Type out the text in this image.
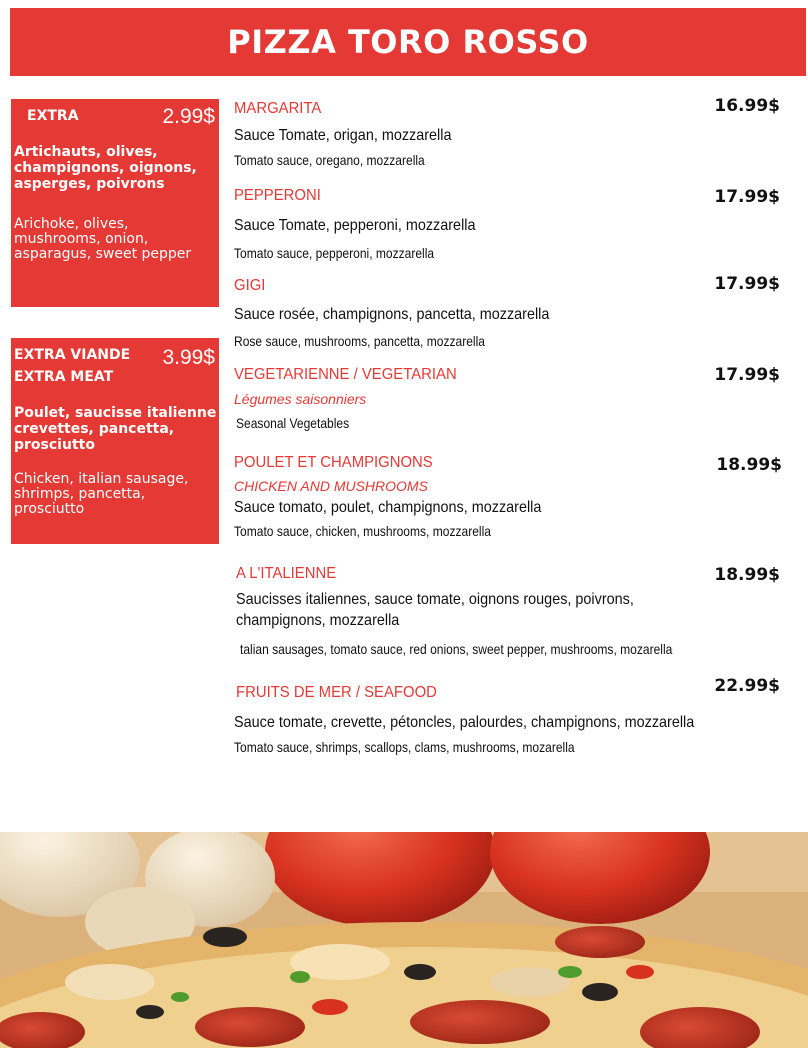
PIZZA TORO ROSSO
EXTRA	2.99$
Artichauts, olives,
champignons, oignons,
asperges, poivrons
Arichoke, olives,
mushrooms, onion,
asparagus, sweet pepper
EXTRA VIANDE
EXTRA MEAT
3.99$
Poulet, saucisse italienne
crevettes, pancetta,
prosciutto
Chicken, italian sausage,
shrimps, pancetta,
prosciutto
MARGARITA	16.99$
Sauce Tomate, origan, mozzarella
Tomato sauce, oregano, mozzarella
PEPPERONI	17.99$
Sauce Tomate, pepperoni, mozzarella
Tomato sauce, pepperoni, mozzarella
GIGI	17.99$
Sauce rosée, champignons, pancetta, mozzarella
Rose sauce, mushrooms, pancetta, mozzarella
VEGETARIENNE / VEGETARIAN	17.99$
Légumes saisonniers
Seasonal Vegetables
POULET ET CHAMPIGNONS	18.99$
CHICKEN AND MUSHROOMS
Sauce tomato, poulet, champignons, mozzarella
Tomato sauce, chicken, mushrooms, mozzarella
A L'ITALIENNE	18.99$
Saucisses italiennes, sauce tomate, oignons rouges, poivrons,
champignons, mozzarella
talian sausages, tomato sauce, red onions, sweet pepper, mushrooms, mozarella
FRUITS DE MER / SEAFOOD	22.99$
Sauce tomate, crevette, pétoncles, palourdes, champignons, mozzarella
Tomato sauce, shrimps, scallops, clams, mushrooms, mozarella
